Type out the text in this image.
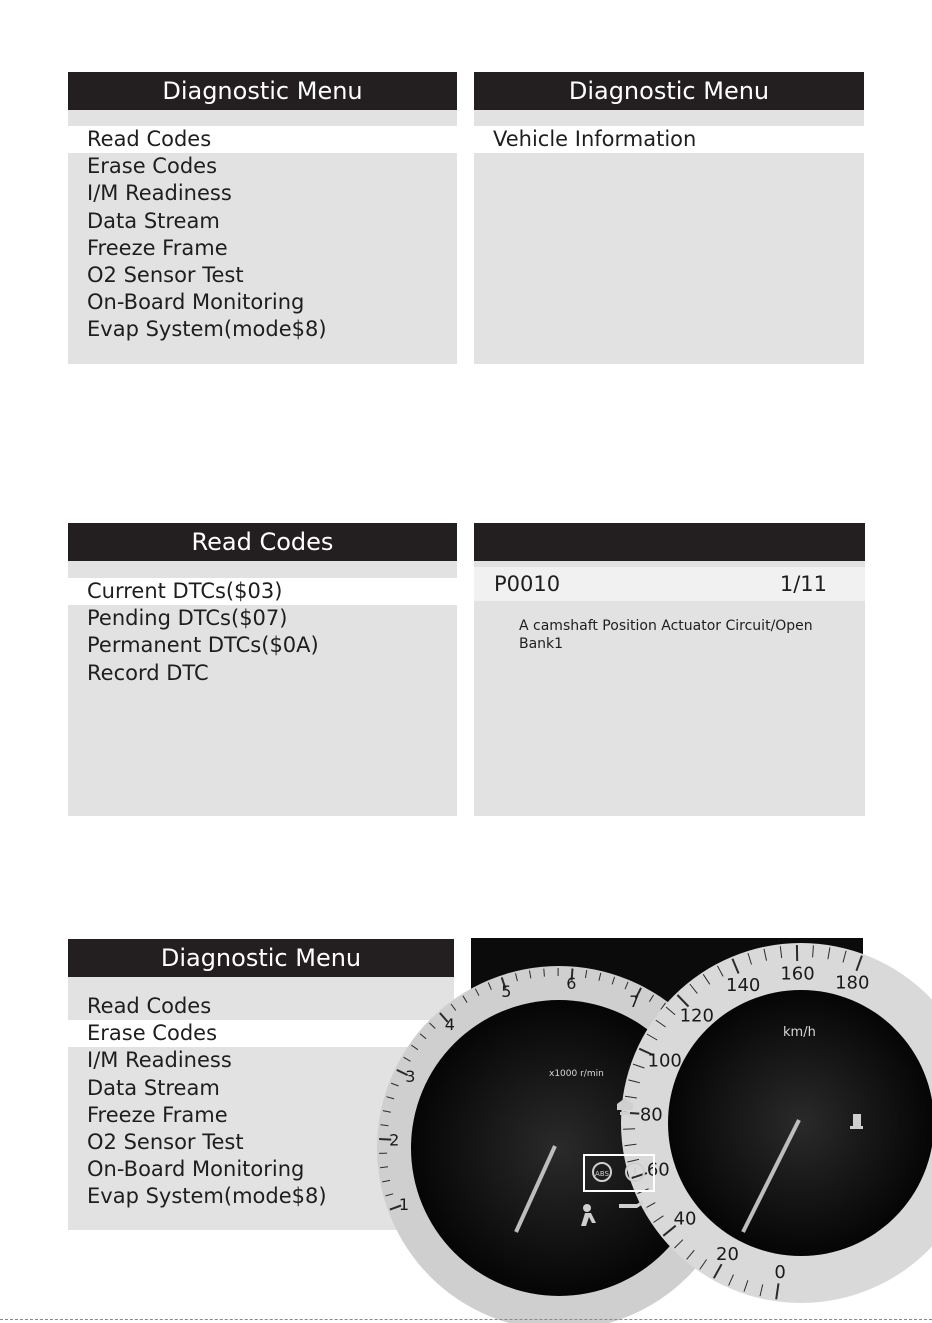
Diagnostic Menu
Read Codes
Erase Codes
I/M Readiness
Data Stream
Freeze Frame
O2 Sensor Test
On-Board Monitoring
Evap System(mode$8)
Diagnostic Menu
Vehicle Information
Read Codes
Current DTCs($03)
Pending DTCs($07)
Permanent DTCs($0A)
Record DTC
P0010	1/11
A camshaft Position Actuator Circuit/Open
Bank1
Diagnostic Menu
Read Codes
Erase Codes
I/M Readiness
Data Stream
Freeze Frame
O2 Sensor Test
On-Board Monitoring
Evap System(mode$8)	1
2
3
4
5	6
7
x1000 r/min
0
20
40
60
80
100
120
140
160 180
km/h
ABS !
